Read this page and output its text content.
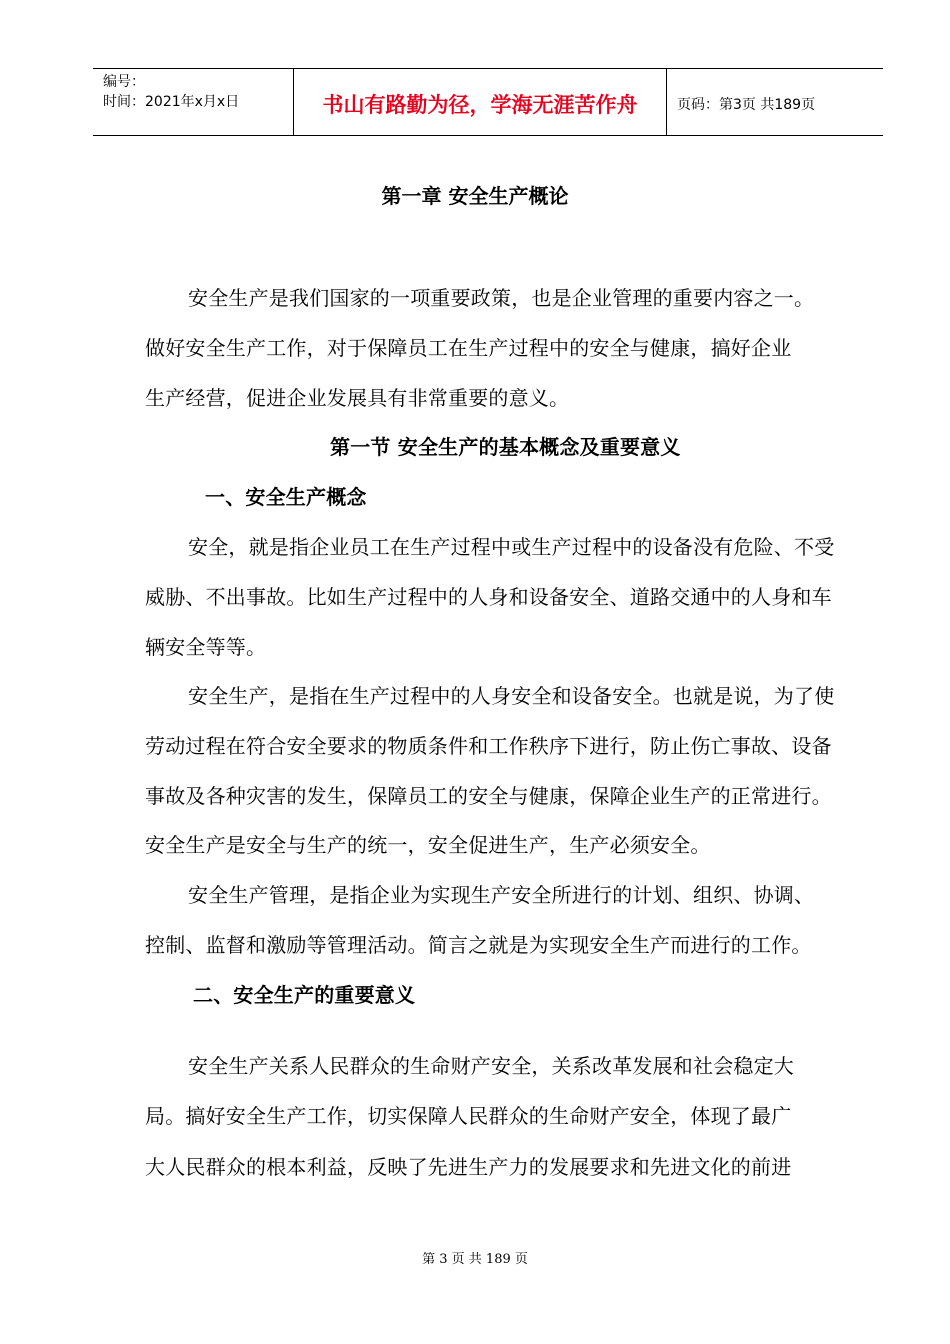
编号：
时间：2021年x月x日	书山有路勤为径，学海无涯苦作舟	页码：第3页 共189页
第一章 安全生产概论
安全生产是我们国家的一项重要政策，也是企业管理的重要内容之一。
做好安全生产工作，对于保障员工在生产过程中的安全与健康，搞好企业
生产经营，促进企业发展具有非常重要的意义。
第一节 安全生产的基本概念及重要意义
一、安全生产概念
安全，就是指企业员工在生产过程中或生产过程中的设备没有危险、不受
威胁、不出事故。比如生产过程中的人身和设备安全、道路交通中的人身和车
辆安全等等。
安全生产，是指在生产过程中的人身安全和设备安全。也就是说，为了使
劳动过程在符合安全要求的物质条件和工作秩序下进行，防止伤亡事故、设备
事故及各种灾害的发生，保障员工的安全与健康，保障企业生产的正常进行。
安全生产是安全与生产的统一，安全促进生产，生产必须安全。
安全生产管理，是指企业为实现生产安全所进行的计划、组织、协调、
控制、监督和激励等管理活动。简言之就是为实现安全生产而进行的工作。
二、安全生产的重要意义
安全生产关系人民群众的生命财产安全，关系改革发展和社会稳定大
局。搞好安全生产工作，切实保障人民群众的生命财产安全，体现了最广
大人民群众的根本利益，反映了先进生产力的发展要求和先进文化的前进
第 3 页 共 189 页
